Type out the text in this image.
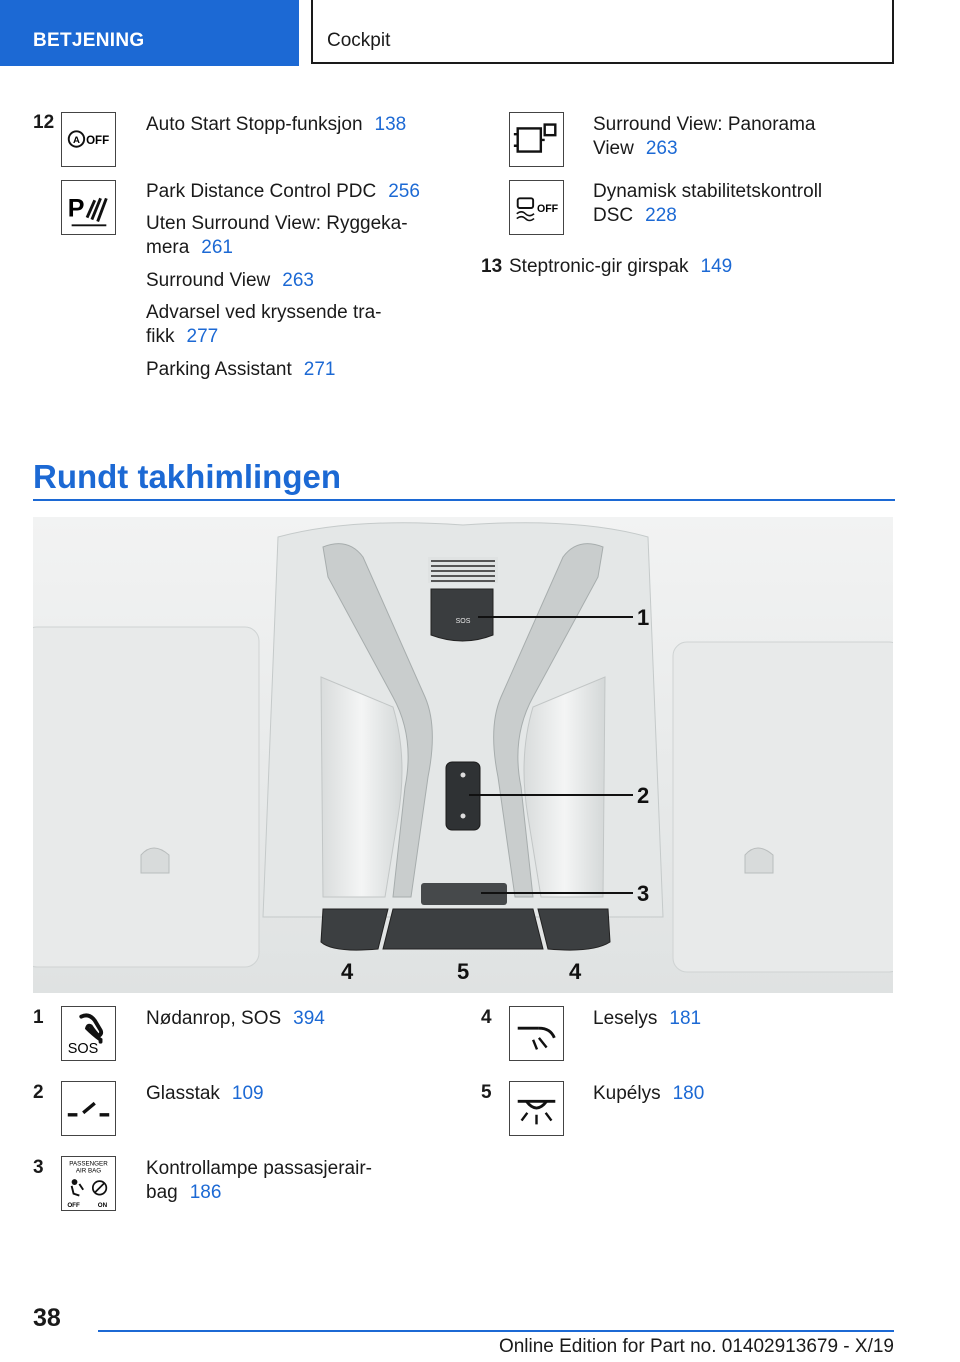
BETJENING	Cockpit
12
A OFF
Auto Start Stopp-funksjon 138
P
Park Distance Control PDC 256
Uten Surround View: Ryggeka-
mera 261
Surround View 263
Advarsel ved kryssende tra-
fikk 277
Parking Assistant 271
Surround View: Panorama
View 263
OFF
Dynamisk stabilitetskontroll
DSC 228
13 Steptronic-gir girspak 149
Rundt takhimlingen
SOS	1
2
3
4	5	4
1
SOS
Nødanrop, SOS 394
2	Glasstak 109
3	PASSENGER
AIR BAG
OFF	ON
Kontrollampe passasjerair-
bag 186
4	Leselys 181
5	Kupélys 180
38
Online Edition for Part no. 01402913679 - X/19
